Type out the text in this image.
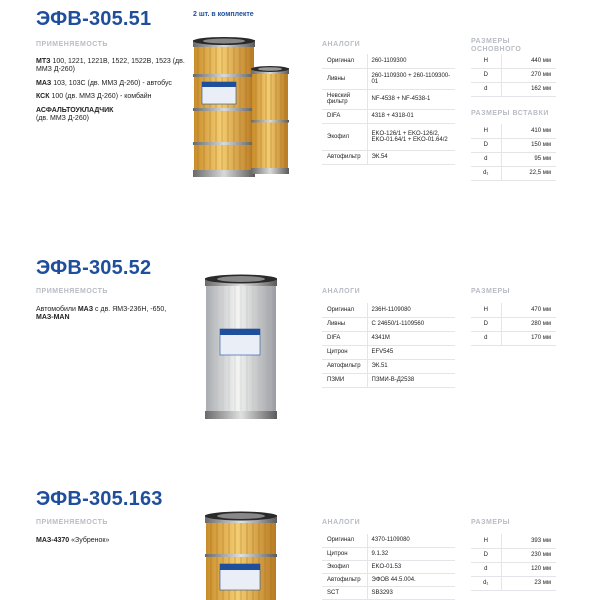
ЭФВ-305.51	2 шт. в комплекте
ПРИМЕНЯЕМОСТЬ
МТЗ 100, 1221, 1221В, 1522, 1522В, 1523 (дв. ММЗ Д-260)
МАЗ 103, 103С (дв. ММЗ Д-260) - автобус
КСК 100 (дв. ММЗ Д-260) - комбайн
АСФАЛЬТОУКЛАДЧИК
(дв. ММЗ Д-260)
АНАЛОГИ
Оригинал	260-1109300
Ливны	260-1109300 + 260-1109300-01
Невский фильтр	NF-4538 + NF-4538-1
DIFA	4318 + 4318-01
Экофил	EKO-126/1 + EKO-126/2, EKO-01.64/1 + EKO-01.64/2
Автофильтр	ЭК.54
РАЗМЕРЫ ОСНОВНОГО
H	440 мм
D	270 мм
d	162 мм
РАЗМЕРЫ ВСТАВКИ
H	410 мм
D	150 мм
d	95 мм
d₁	22,5 мм
ЭФВ-305.52
ПРИМЕНЯЕМОСТЬ
Автомобили МАЗ с дв. ЯМЗ-236Н, -650,
МАЗ-MAN
АНАЛОГИ
Оригинал	236Н-1109080
Ливны	С 24650/1-1109560
DIFA	4341М
Цитрон	EFV545
Автофильтр	ЭК.51
ПЗМИ	ПЗМИ-В-Д2538
РАЗМЕРЫ
H	470 мм
D	280 мм
d	170 мм
ЭФВ-305.163
ПРИМЕНЯЕМОСТЬ
МАЗ-4370 «Зубренок»
АНАЛОГИ
Оригинал	4370-1109080
Цитрон	9.1.32
Экофил	EKO-01.53
Автофильтр	ЭФОВ 44.5.004.
SCT	SB3293
РАЗМЕРЫ
H	393 мм
D	230 мм
d	120 мм
d₁	23 мм
